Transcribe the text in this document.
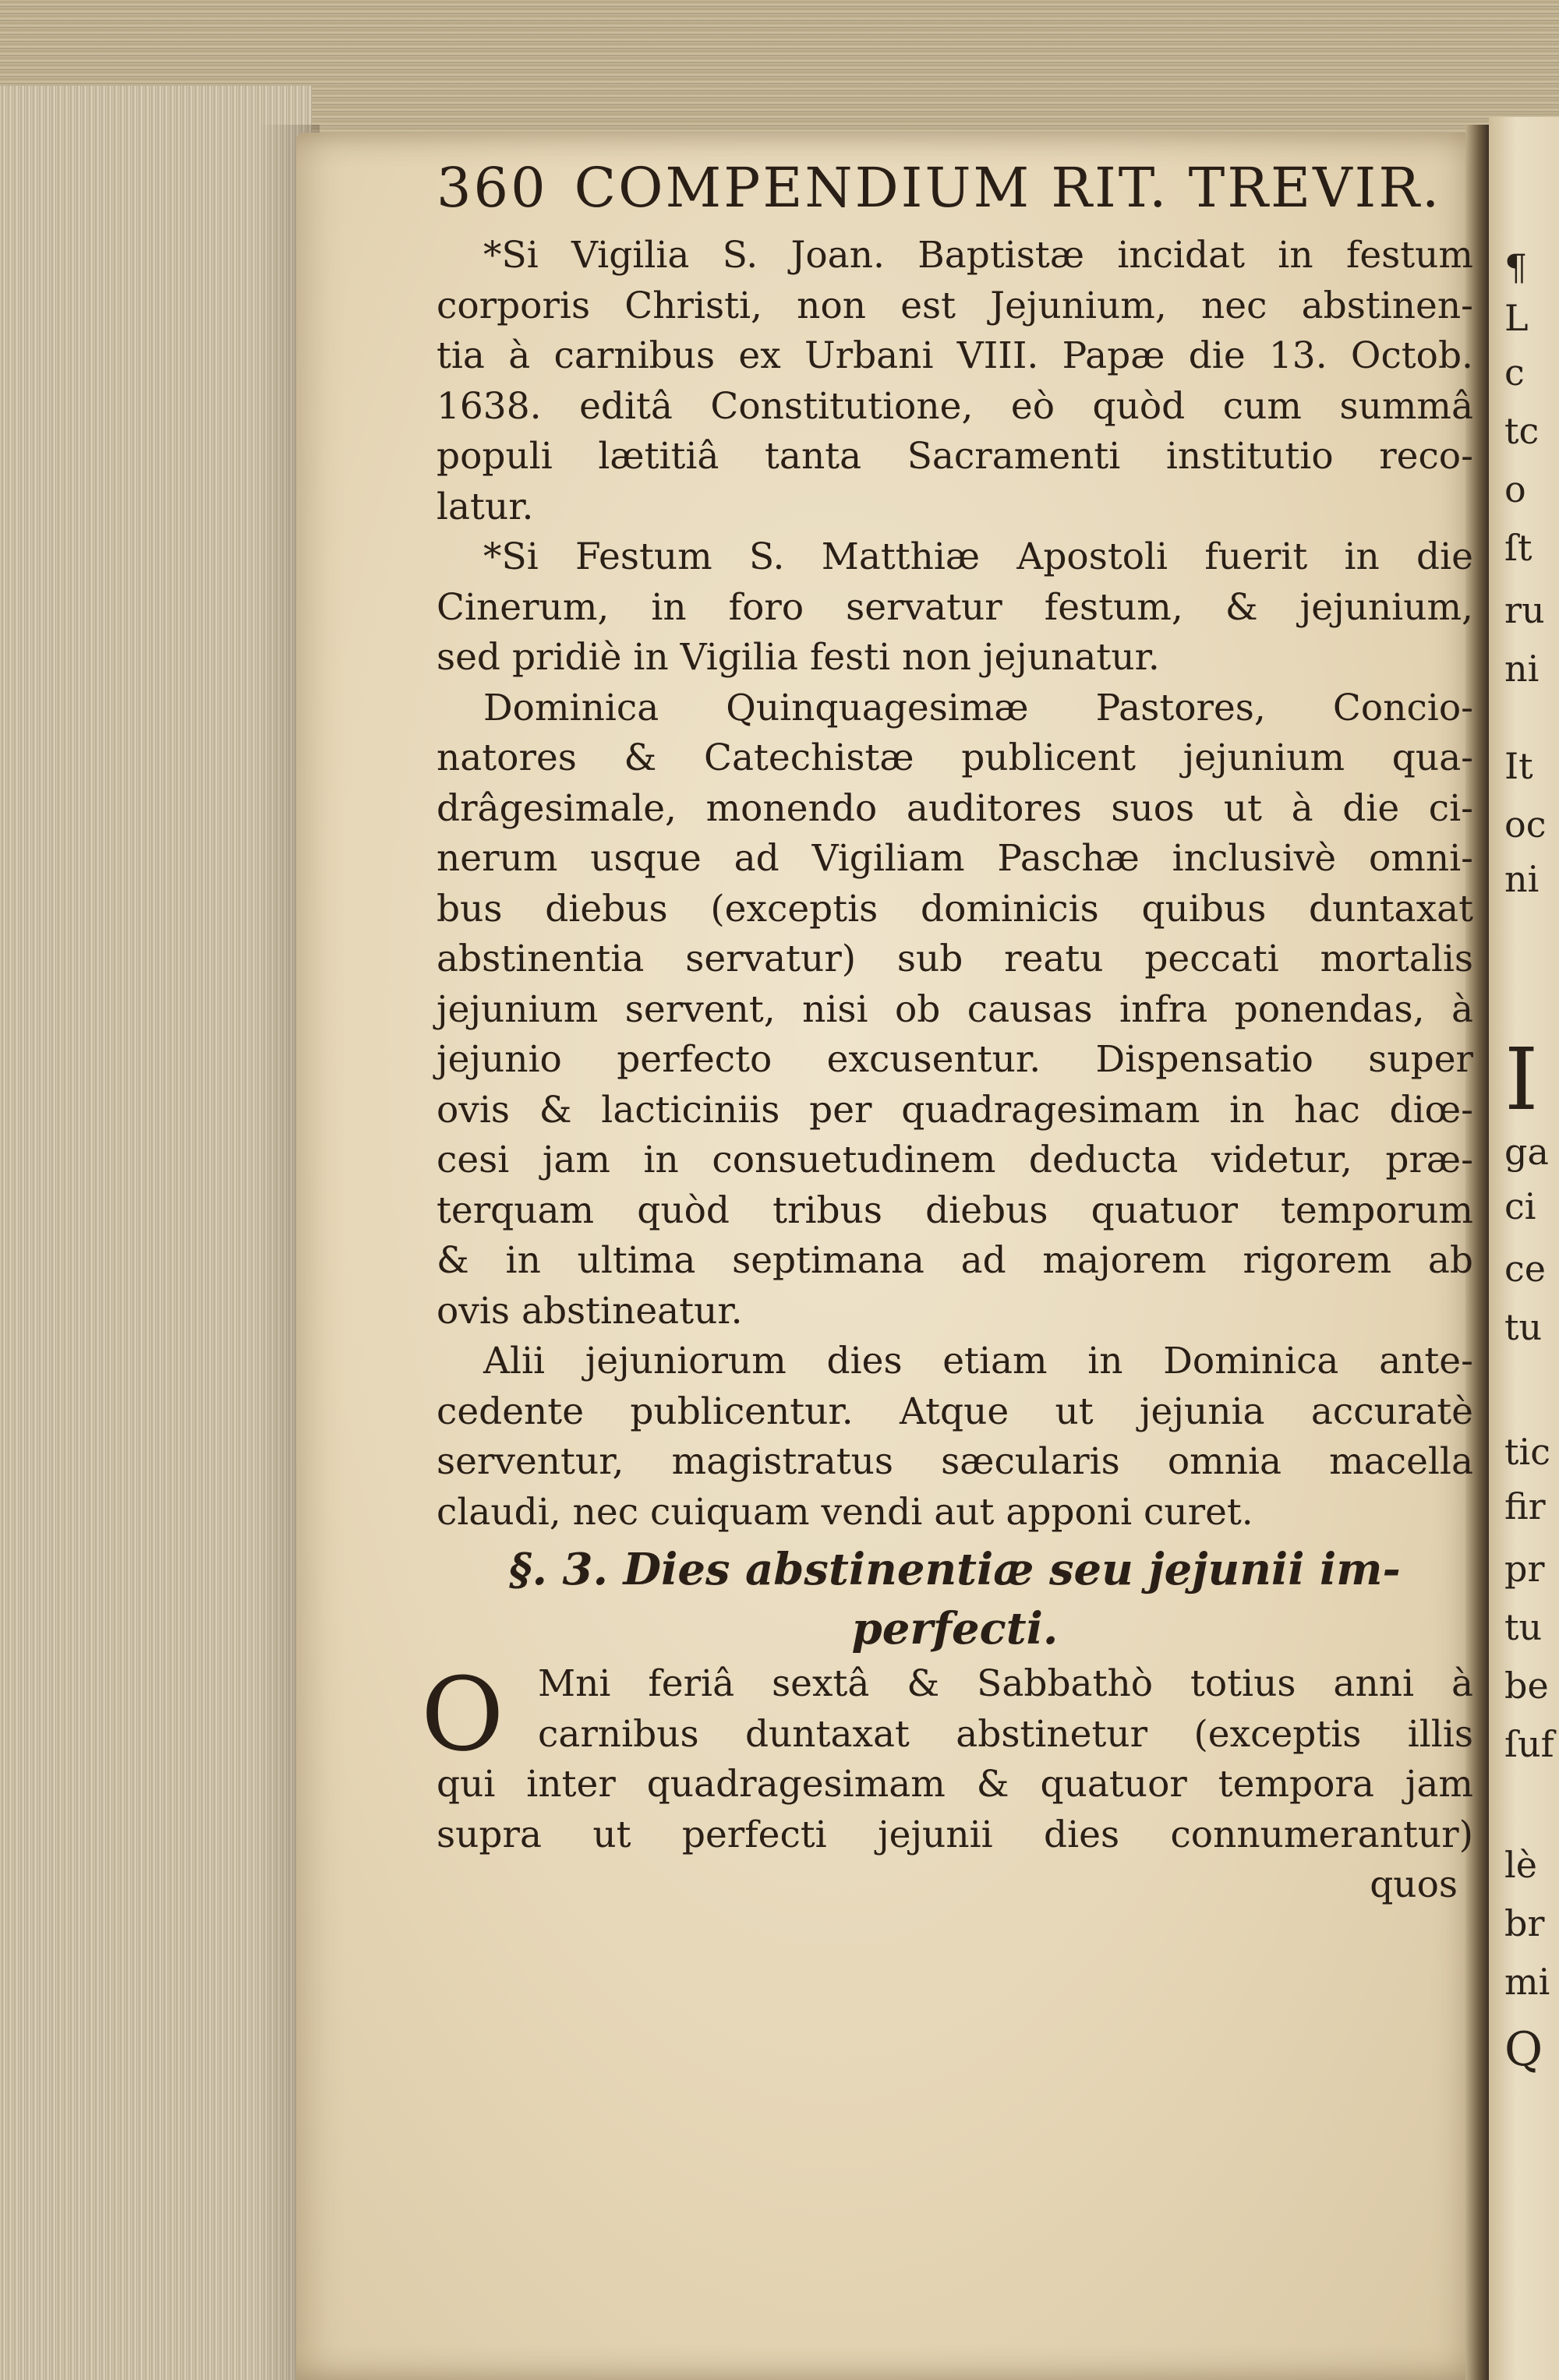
¶
L
c
tc
o
ſt
ru
ni
It
oc
ni
I
ga
ci
ce
tu
tic
fir
pr
tu
be
ſuf
lè
br
mi
Q
360 COMPENDIUM RIT. TREVIR.
*Si Vigilia S. Joan. Baptistæ incidat in festum
corporis Christi, non est Jejunium, nec abstinen-
tia à carnibus ex Urbani VIII. Papæ die 13. Octob.
1638. editâ Constitutione, eò quòd cum summâ
populi lætitiâ tanta Sacramenti institutio reco-
latur.
*Si Festum S. Matthiæ Apostoli fuerit in die
Cinerum, in foro servatur festum, & jejunium,
sed pridiè in Vigilia festi non jejunatur.
Dominica Quinquagesimæ Pastores, Concio-
natores & Catechistæ publicent jejunium qua-
drâgesimale, monendo auditores suos ut à die ci-
nerum usque ad Vigiliam Paschæ inclusivè omni-
bus diebus (exceptis dominicis quibus duntaxat
abstinentia servatur) sub reatu peccati mortalis
jejunium servent, nisi ob causas infra ponendas, à
jejunio perfecto excusentur. Dispensatio super
ovis & lacticiniis per quadragesimam in hac diœ-
cesi jam in consuetudinem deducta videtur, præ-
terquam quòd tribus diebus quatuor temporum
& in ultima septimana ad majorem rigorem ab
ovis abstineatur.
Alii jejuniorum dies etiam in Dominica ante-
cedente publicentur. Atque ut jejunia accuratè
serventur, magistratus sæcularis omnia macella
claudi, nec cuiquam vendi aut apponi curet.
§. 3. Dies abstinentiæ seu jejunii im-
perfecti.
O Mni feriâ sextâ & Sabbathò totius anni à
carnibus duntaxat abstinetur (exceptis illis
qui inter quadragesimam & quatuor tempora jam
supra ut perfecti jejunii dies connumerantur)
quos
